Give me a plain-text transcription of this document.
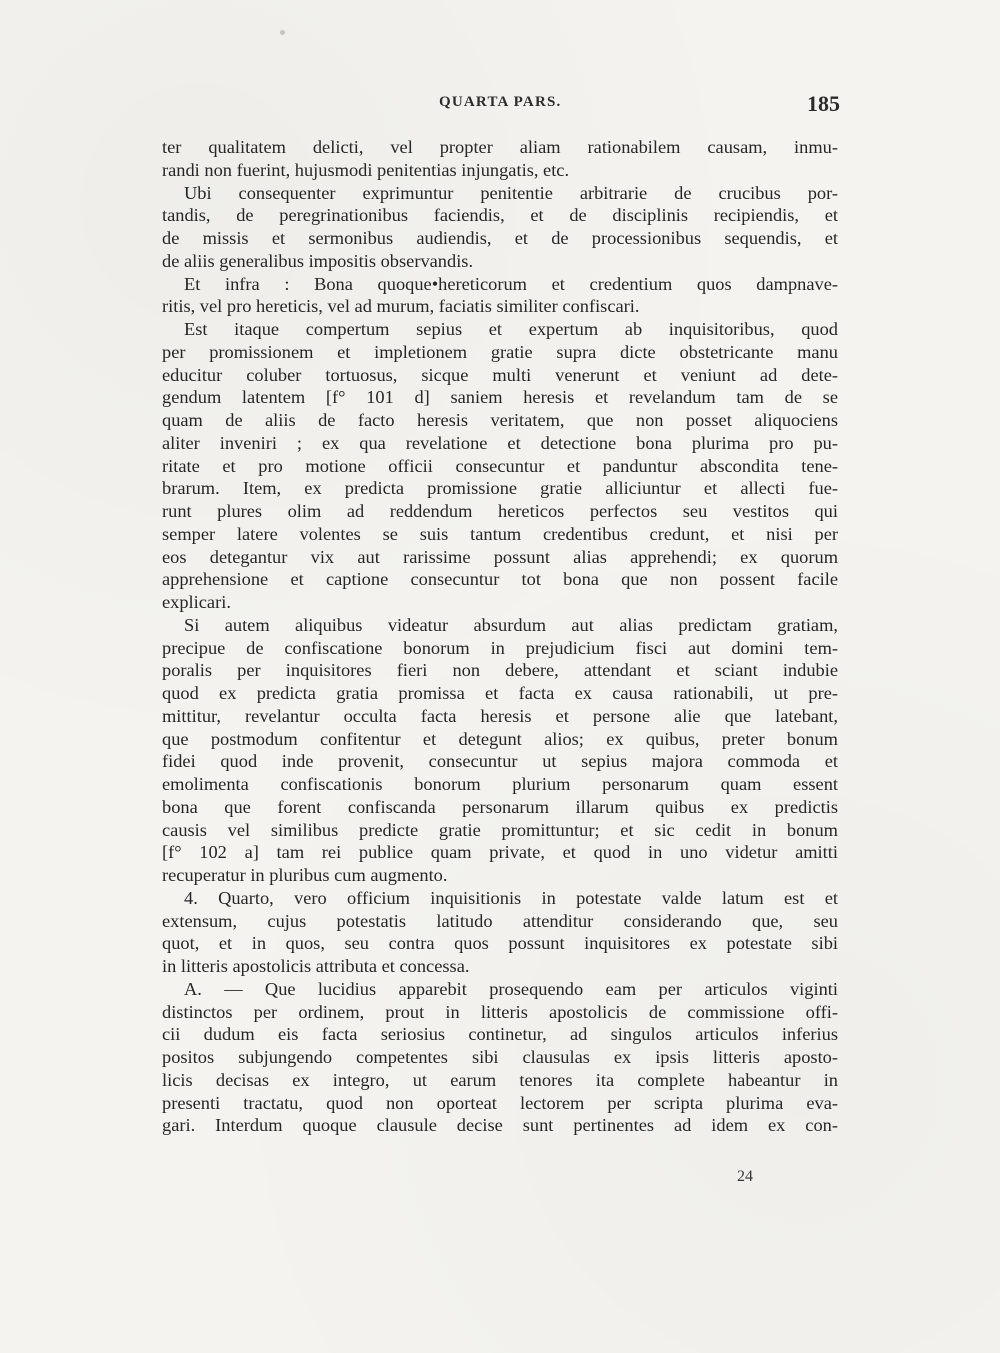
QUARTA PARS.	185
ter qualitatem delicti, vel propter aliam rationabilem causam, inmu-
randi non fuerint, hujusmodi penitentias injungatis, etc.
Ubi consequenter exprimuntur penitentie arbitrarie de crucibus por-
tandis, de peregrinationibus faciendis, et de disciplinis recipiendis, et
de missis et sermonibus audiendis, et de processionibus sequendis, et
de aliis generalibus impositis observandis.
Et infra : Bona quoque•hereticorum et credentium quos dampnave-
ritis, vel pro hereticis, vel ad murum, faciatis similiter confiscari.
Est itaque compertum sepius et expertum ab inquisitoribus, quod
per promissionem et impletionem gratie supra dicte obstetricante manu
educitur coluber tortuosus, sicque multi venerunt et veniunt ad dete-
gendum latentem [f° 101 d] saniem heresis et revelandum tam de se
quam de aliis de facto heresis veritatem, que non posset aliquociens
aliter inveniri ; ex qua revelatione et detectione bona plurima pro pu-
ritate et pro motione officii consecuntur et panduntur abscondita tene-
brarum. Item, ex predicta promissione gratie alliciuntur et allecti fue-
runt plures olim ad reddendum hereticos perfectos seu vestitos qui
semper latere volentes se suis tantum credentibus credunt, et nisi per
eos detegantur vix aut rarissime possunt alias apprehendi; ex quorum
apprehensione et captione consecuntur tot bona que non possent facile
explicari.
Si autem aliquibus videatur absurdum aut alias predictam gratiam,
precipue de confiscatione bonorum in prejudicium fisci aut domini tem-
poralis per inquisitores fieri non debere, attendant et sciant indubie
quod ex predicta gratia promissa et facta ex causa rationabili, ut pre-
mittitur, revelantur occulta facta heresis et persone alie que latebant,
que postmodum confitentur et detegunt alios; ex quibus, preter bonum
fidei quod inde provenit, consecuntur ut sepius majora commoda et
emolimenta confiscationis bonorum plurium personarum quam essent
bona que forent confiscanda personarum illarum quibus ex predictis
causis vel similibus predicte gratie promittuntur; et sic cedit in bonum
[f° 102 a] tam rei publice quam private, et quod in uno videtur amitti
recuperatur in pluribus cum augmento.
4. Quarto, vero officium inquisitionis in potestate valde latum est et
extensum, cujus potestatis latitudo attenditur considerando que, seu
quot, et in quos, seu contra quos possunt inquisitores ex potestate sibi
in litteris apostolicis attributa et concessa.
A. — Que lucidius apparebit prosequendo eam per articulos viginti
distinctos per ordinem, prout in litteris apostolicis de commissione offi-
cii dudum eis facta seriosius continetur, ad singulos articulos inferius
positos subjungendo competentes sibi clausulas ex ipsis litteris aposto-
licis decisas ex integro, ut earum tenores ita complete habeantur in
presenti tractatu, quod non oporteat lectorem per scripta plurima eva-
gari. Interdum quoque clausule decise sunt pertinentes ad idem ex con-
24
